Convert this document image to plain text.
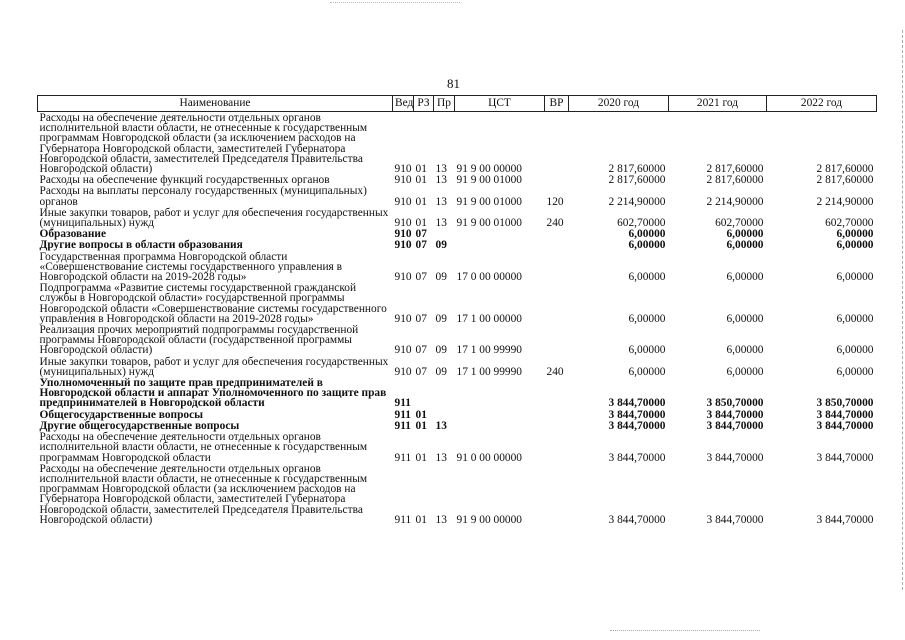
81
Наименование	Вед	РЗ	Пр	ЦСТ	ВР	2020 год	2021 год	2022 год
Расходы на обеспечение деятельности отдельных органов исполнительной власти области, не отнесенные к государственным программам Новгородской области (за исключением расходов на Губернатора Новгородской области, заместителей Губернатора Новгородской области, заместителей Председателя Правительства Новгородской области)	910	01	13	91 9 00 00000		2 817,60000	2 817,60000	2 817,60000
Расходы на обеспечение функций государственных органов	910	01	13	91 9 00 01000		2 817,60000	2 817,60000	2 817,60000
Расходы на выплаты персоналу государственных (муниципальных) органов	910	01	13	91 9 00 01000	120	2 214,90000	2 214,90000	2 214,90000
Иные закупки товаров, работ и услуг для обеспечения государственных (муниципальных) нужд	910	01	13	91 9 00 01000	240	602,70000	602,70000	602,70000
Образование	910	07				6,00000	6,00000	6,00000
Другие вопросы в области образования	910	07	09			6,00000	6,00000	6,00000
Государственная программа Новгородской области «Совершенствование системы государственного управления в Новгородской области на 2019-2028 годы»	910	07	09	17 0 00 00000		6,00000	6,00000	6,00000
Подпрограмма «Развитие системы государственной гражданской службы в Новгородской области» государственной программы Новгородской области «Совершенствование системы государственного управления в Новгородской области на 2019-2028 годы»	910	07	09	17 1 00 00000		6,00000	6,00000	6,00000
Реализация прочих мероприятий подпрограммы государственной программы Новгородской области (государственной программы Новгородской области)	910	07	09	17 1 00 99990		6,00000	6,00000	6,00000
Иные закупки товаров, работ и услуг для обеспечения государственных (муниципальных) нужд	910	07	09	17 1 00 99990	240	6,00000	6,00000	6,00000
Уполномоченный по защите прав предпринимателей в Новгородской области и аппарат Уполномоченного по защите прав предпринимателей в Новгородской области	911					3 844,70000	3 850,70000	3 850,70000
Общегосударственные вопросы	911	01				3 844,70000	3 844,70000	3 844,70000
Другие общегосударственные вопросы	911	01	13			3 844,70000	3 844,70000	3 844,70000
Расходы на обеспечение деятельности отдельных органов исполнительной власти области, не отнесенные к государственным программам Новгородской области	911	01	13	91 0 00 00000		3 844,70000	3 844,70000	3 844,70000
Расходы на обеспечение деятельности отдельных органов исполнительной власти области, не отнесенные к государственным программам Новгородской области (за исключением расходов на Губернатора Новгородской области, заместителей Губернатора Новгородской области, заместителей Председателя Правительства Новгородской области)	911	01	13	91 9 00 00000		3 844,70000	3 844,70000	3 844,70000
